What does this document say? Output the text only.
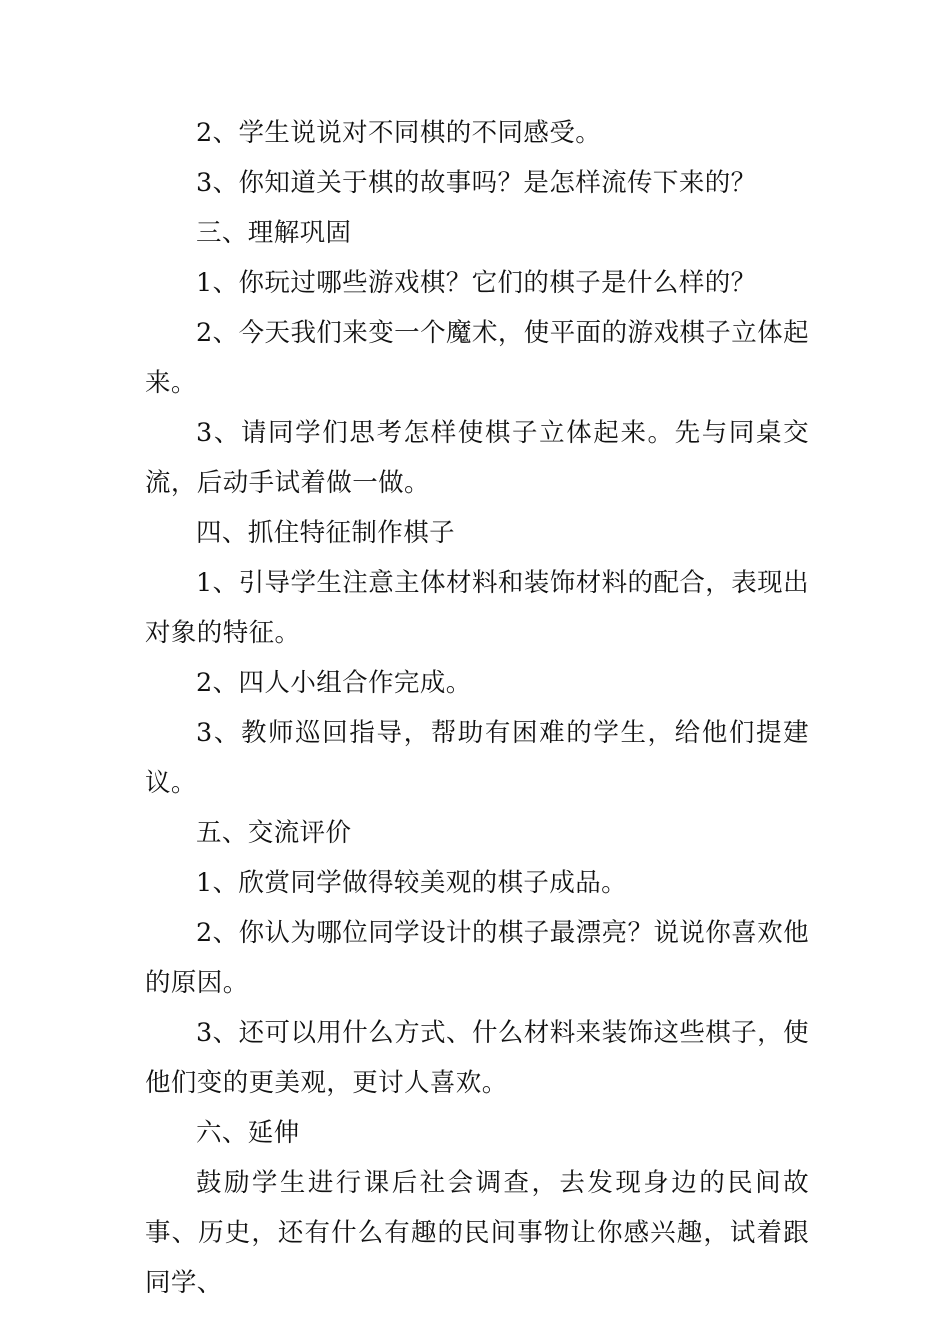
2、学生说说对不同棋的不同感受。

3、你知道关于棋的故事吗？是怎样流传下来的？

三、理解巩固

1、你玩过哪些游戏棋？它们的棋子是什么样的？

2、今天我们来变一个魔术，使平面的游戏棋子立体起来。

3、请同学们思考怎样使棋子立体起来。先与同桌交流，后动手试着做一做。

四、抓住特征制作棋子

1、引导学生注意主体材料和装饰材料的配合，表现出对象的特征。

2、四人小组合作完成。

3、教师巡回指导，帮助有困难的学生，给他们提建议。

五、交流评价

1、欣赏同学做得较美观的棋子成品。

2、你认为哪位同学设计的棋子最漂亮？说说你喜欢他的原因。

3、还可以用什么方式、什么材料来装饰这些棋子，使他们变的更美观，更讨人喜欢。

六、延伸

鼓励学生进行课后社会调查，去发现身边的民间故事、历史，还有什么有趣的民间事物让你感兴趣，试着跟同学、
